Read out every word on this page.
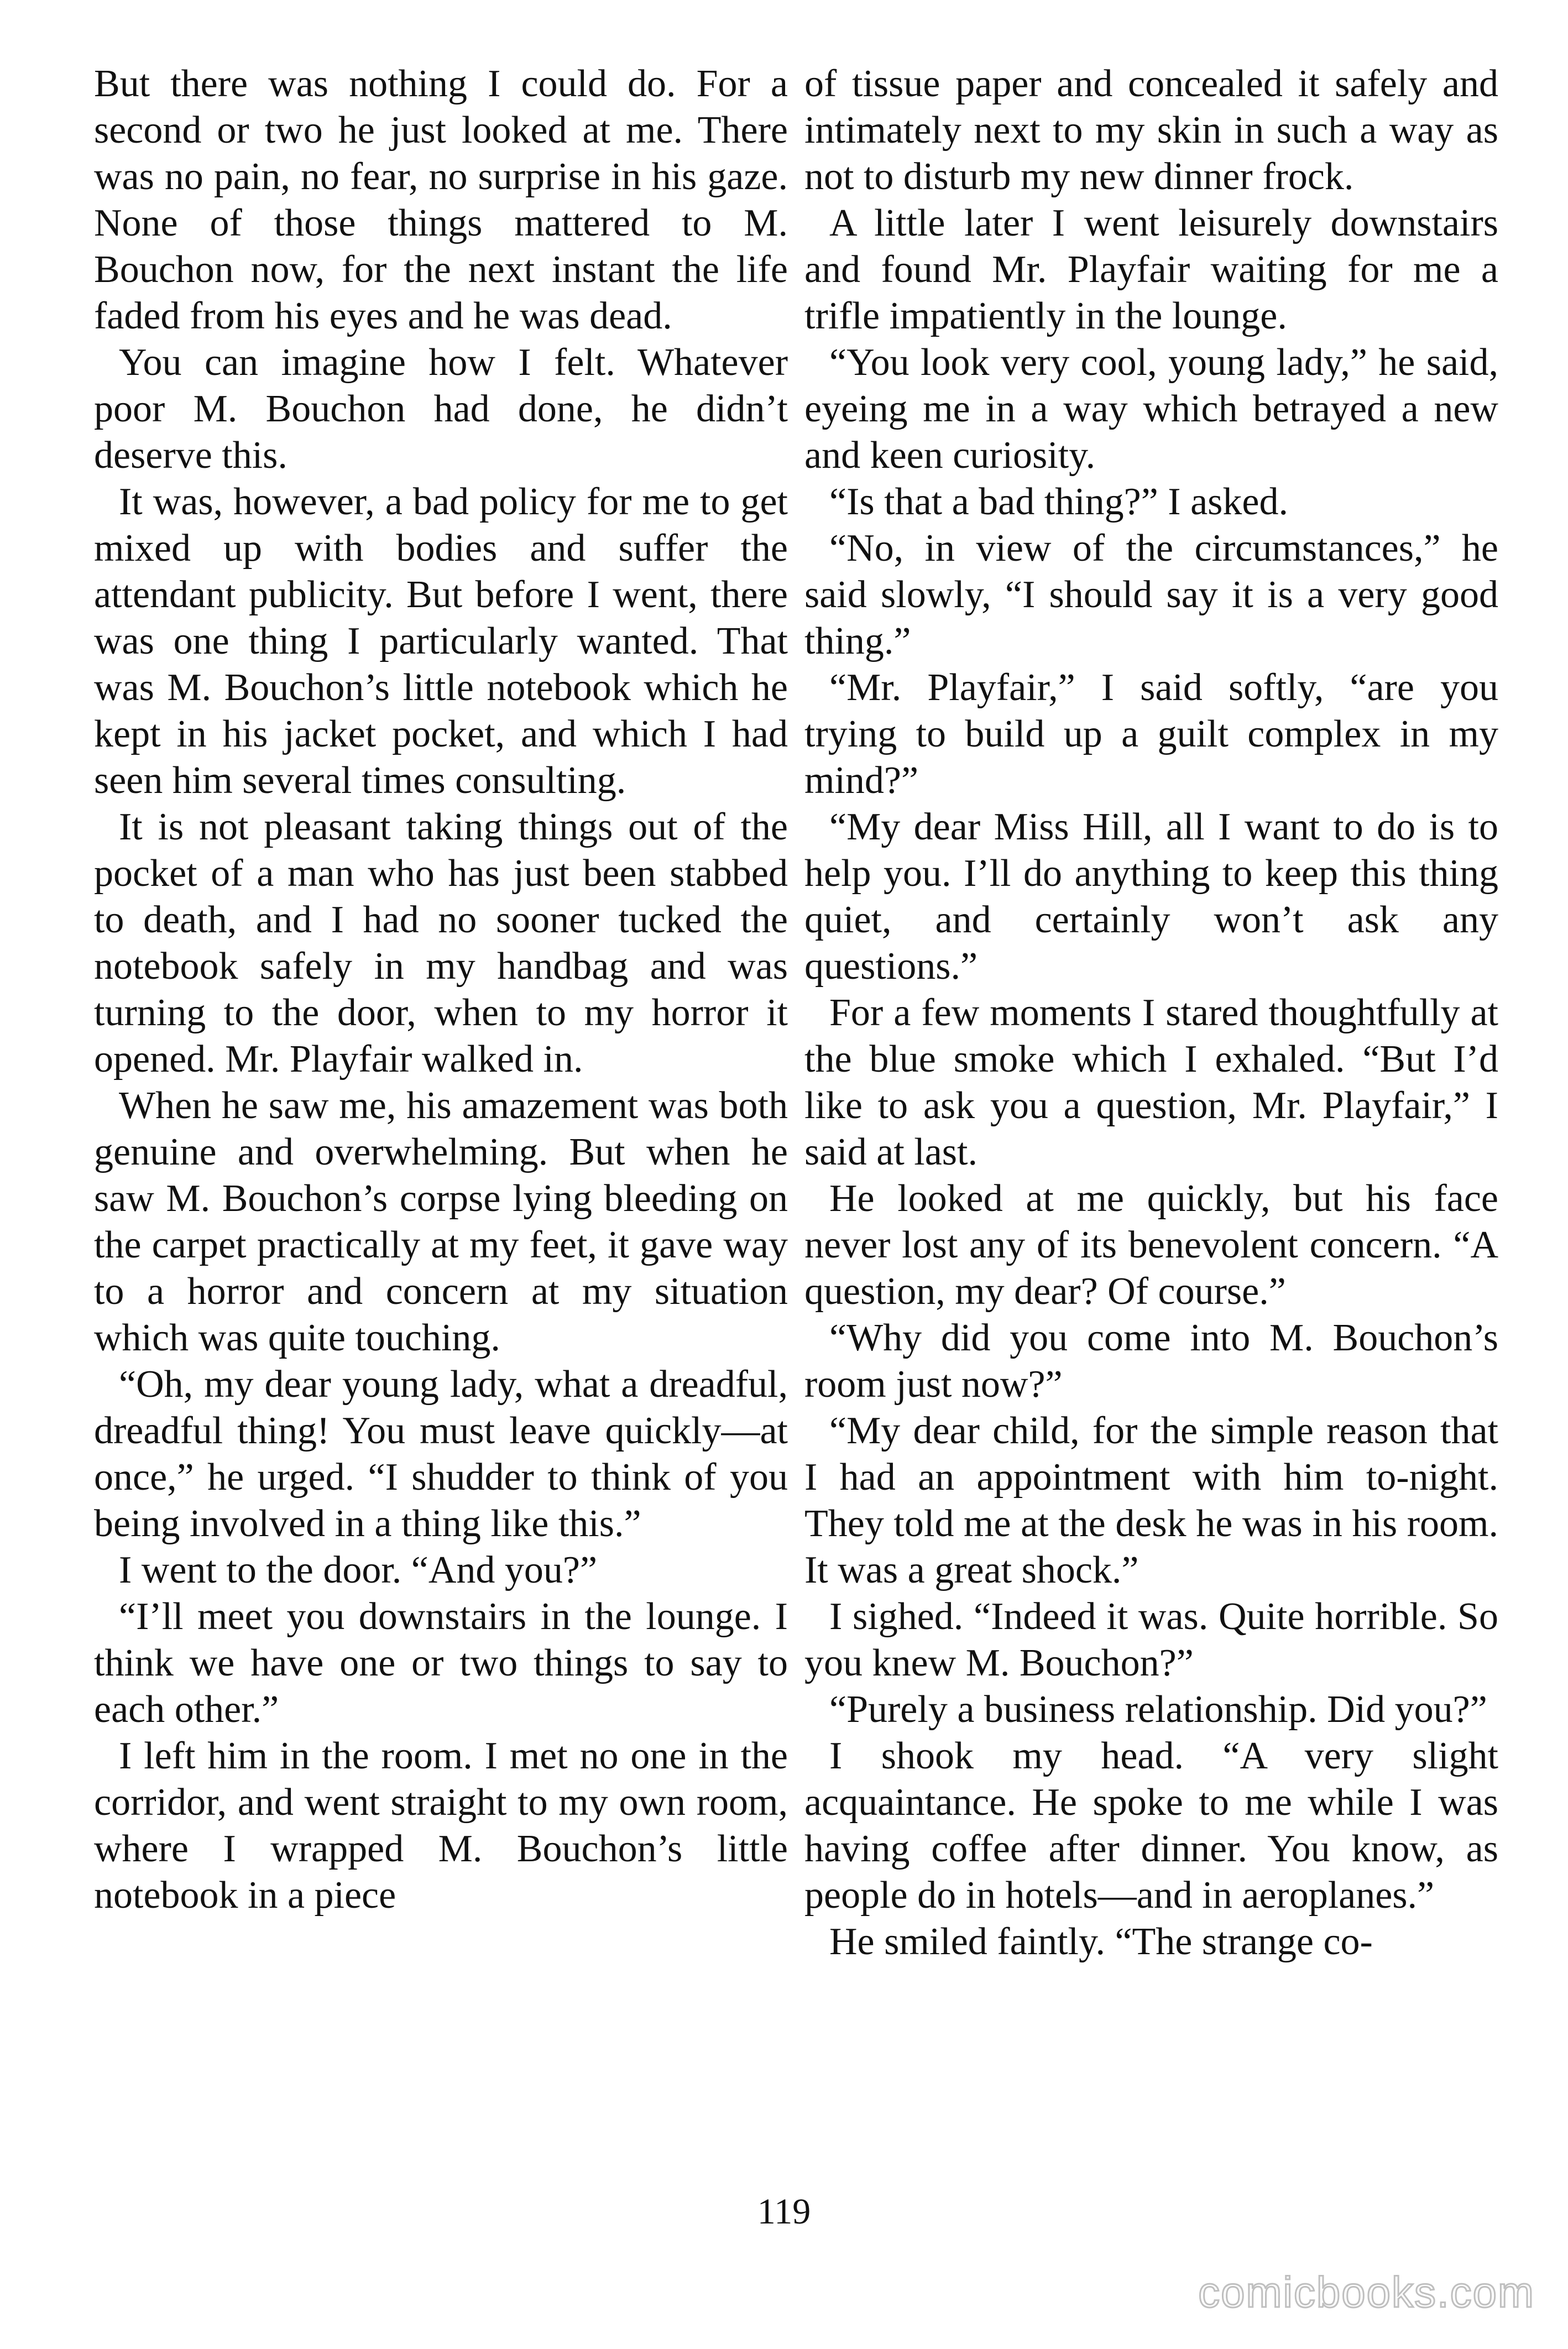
But there was nothing I could do. For a second or two he just looked at me. There was no pain, no fear, no surprise in his gaze. None of those things mattered to M. Bouchon now, for the next instant the life faded from his eyes and he was dead.

You can imagine how I felt. Whatever poor M. Bouchon had done, he didn’t deserve this.

It was, however, a bad policy for me to get mixed up with bodies and suffer the attendant publicity. But before I went, there was one thing I particularly wanted. That was M. Bouchon’s little notebook which he kept in his jacket pocket, and which I had seen him several times consulting.

It is not pleasant taking things out of the pocket of a man who has just been stabbed to death, and I had no sooner tucked the notebook safely in my handbag and was turning to the door, when to my horror it opened. Mr. Playfair walked in.

When he saw me, his amazement was both genuine and overwhelming. But when he saw M. Bouchon’s corpse lying bleeding on the carpet practically at my feet, it gave way to a horror and concern at my situation which was quite touching.

“Oh, my dear young lady, what a dreadful, dreadful thing! You must leave quickly—at once,” he urged. “I shudder to think of you being involved in a thing like this.”

I went to the door. “And you?”

“I’ll meet you downstairs in the lounge. I think we have one or two things to say to each other.”

I left him in the room. I met no one in the corridor, and went straight to my own room, where I wrapped M. Bouchon’s little notebook in a piece

of tissue paper and concealed it safely and intimately next to my skin in such a way as not to disturb my new dinner frock.

A little later I went leisurely downstairs and found Mr. Playfair waiting for me a trifle impatiently in the lounge.

“You look very cool, young lady,” he said, eyeing me in a way which betrayed a new and keen curiosity.

“Is that a bad thing?” I asked.

“No, in view of the circumstances,” he said slowly, “I should say it is a very good thing.”

“Mr. Playfair,” I said softly, “are you trying to build up a guilt complex in my mind?”

“My dear Miss Hill, all I want to do is to help you. I’ll do anything to keep this thing quiet, and certainly won’t ask any questions.”

For a few moments I stared thoughtfully at the blue smoke which I exhaled. “But I’d like to ask you a question, Mr. Playfair,” I said at last.

He looked at me quickly, but his face never lost any of its benevolent concern. “A question, my dear? Of course.”

“Why did you come into M. Bouchon’s room just now?”

“My dear child, for the simple reason that I had an appointment with him to-night. They told me at the desk he was in his room. It was a great shock.”

I sighed. “Indeed it was. Quite horrible. So you knew M. Bouchon?”

“Purely a business relationship. Did you?”

I shook my head. “A very slight acquaintance. He spoke to me while I was having coffee after dinner. You know, as people do in hotels—and in aeroplanes.”

He smiled faintly. “The strange co-

119
comicbooks.com
